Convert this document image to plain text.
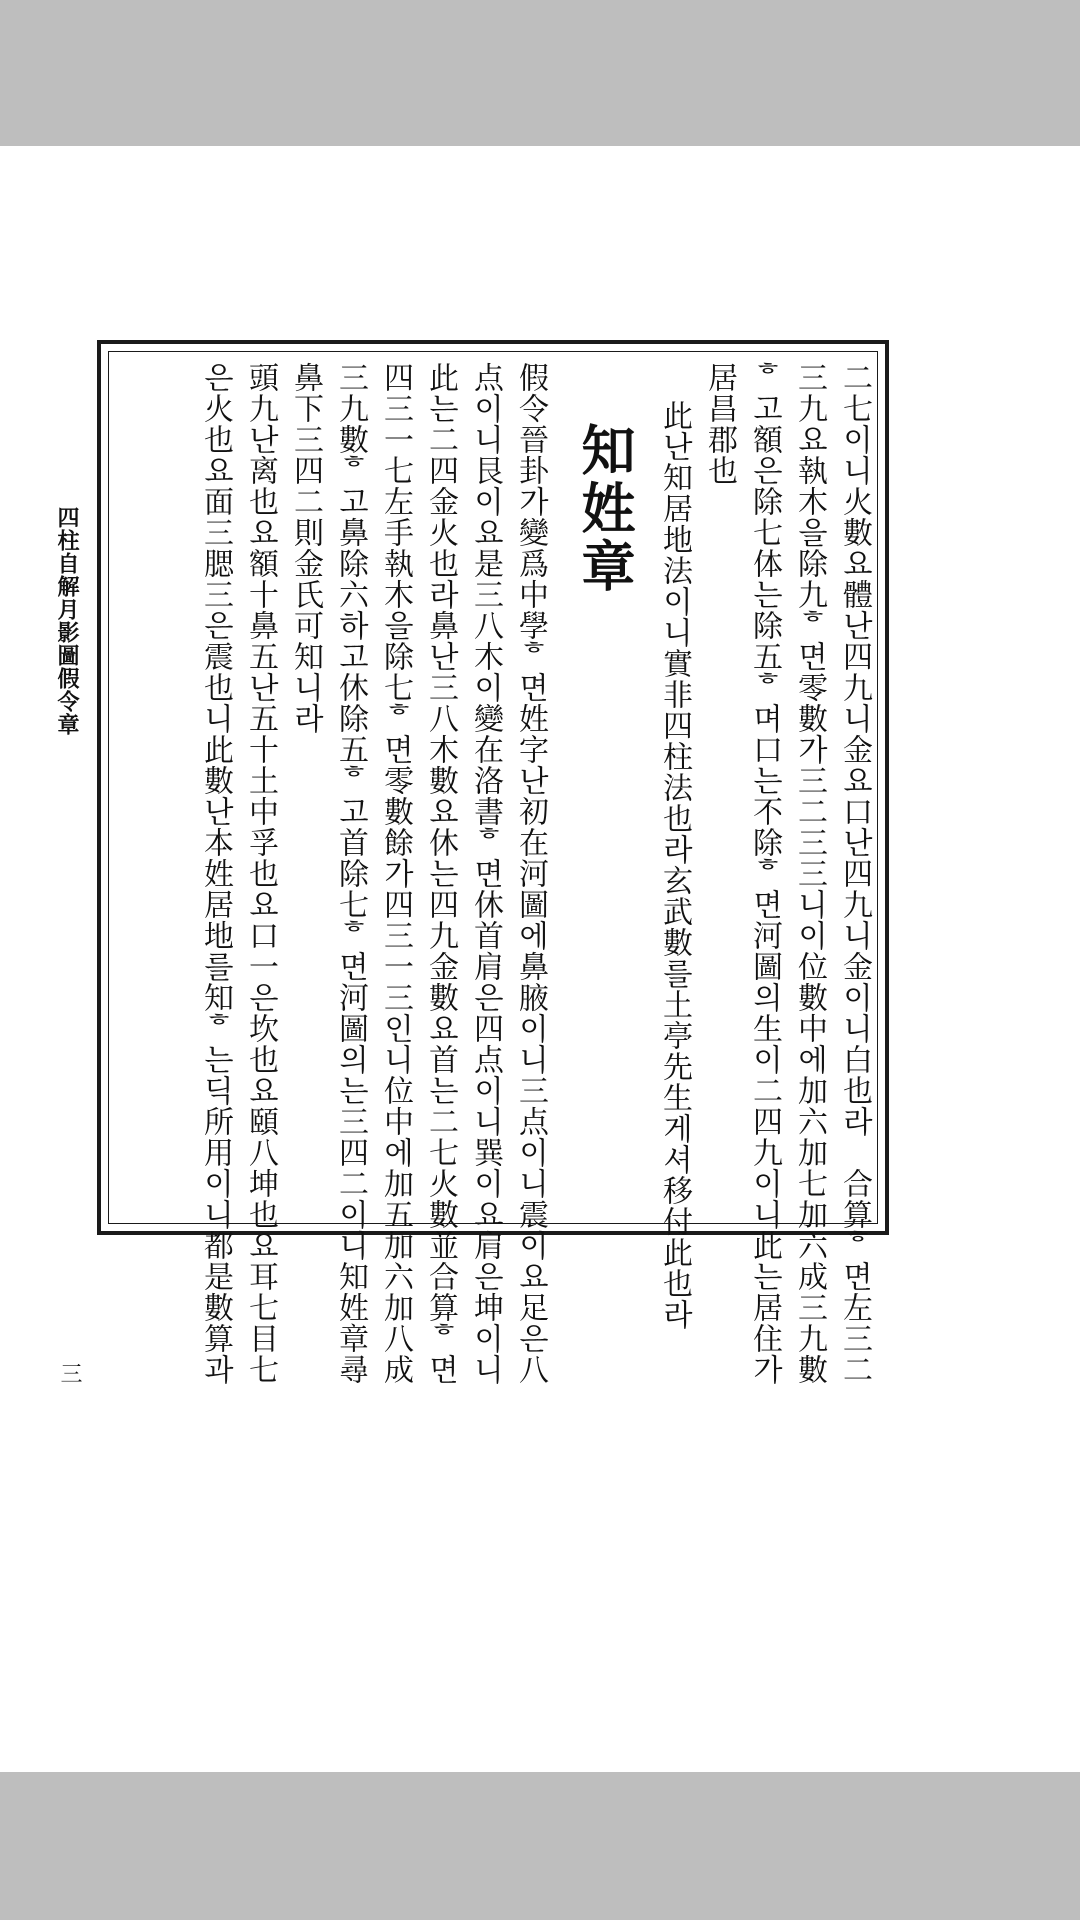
四柱自解月影圖假令章
三	二七이니火數요體난四九니金요口난四九니金이니白也라　合算ᄒ면左三二
三九요執木을除九ᄒ면零數가三二三三니이位數中에加六加七加六成三九數
ᄒ고額은除七体는除五ᄒ며口는不除ᄒ면河圖의生이二四九이니此는居住가
居昌郡也
此난知居地法이니實非四柱法也라玄武數를土亭先生게셔移付此也라
知姓章
假令晉卦가變爲中學ᄒ면姓字난初在河圖에鼻腋이니三点이니震이요足은八
点이니艮이요是三八木이變在洛書ᄒ면休首肩은四点이니巽이요肩은坤이니
此는二四金火也라鼻난三八木數요休는四九金數요首는二七火數並合算ᄒ면
四三一七左手執木을除七ᄒ면零數餘가四三一三인니位中에加五加六加八成
三九數ᄒ고鼻除六하고休除五ᄒ고首除七ᄒ면河圖의는三四二이니知姓章尋
鼻下三四二則金氏可知니라
頭九난离也요額十鼻五난五十土中孚也요口一은坎也요頤八坤也요耳七目七
은火也요面三腮三은震也니此數난本姓居地를知ᄒ는딕所用이니都是數算과
